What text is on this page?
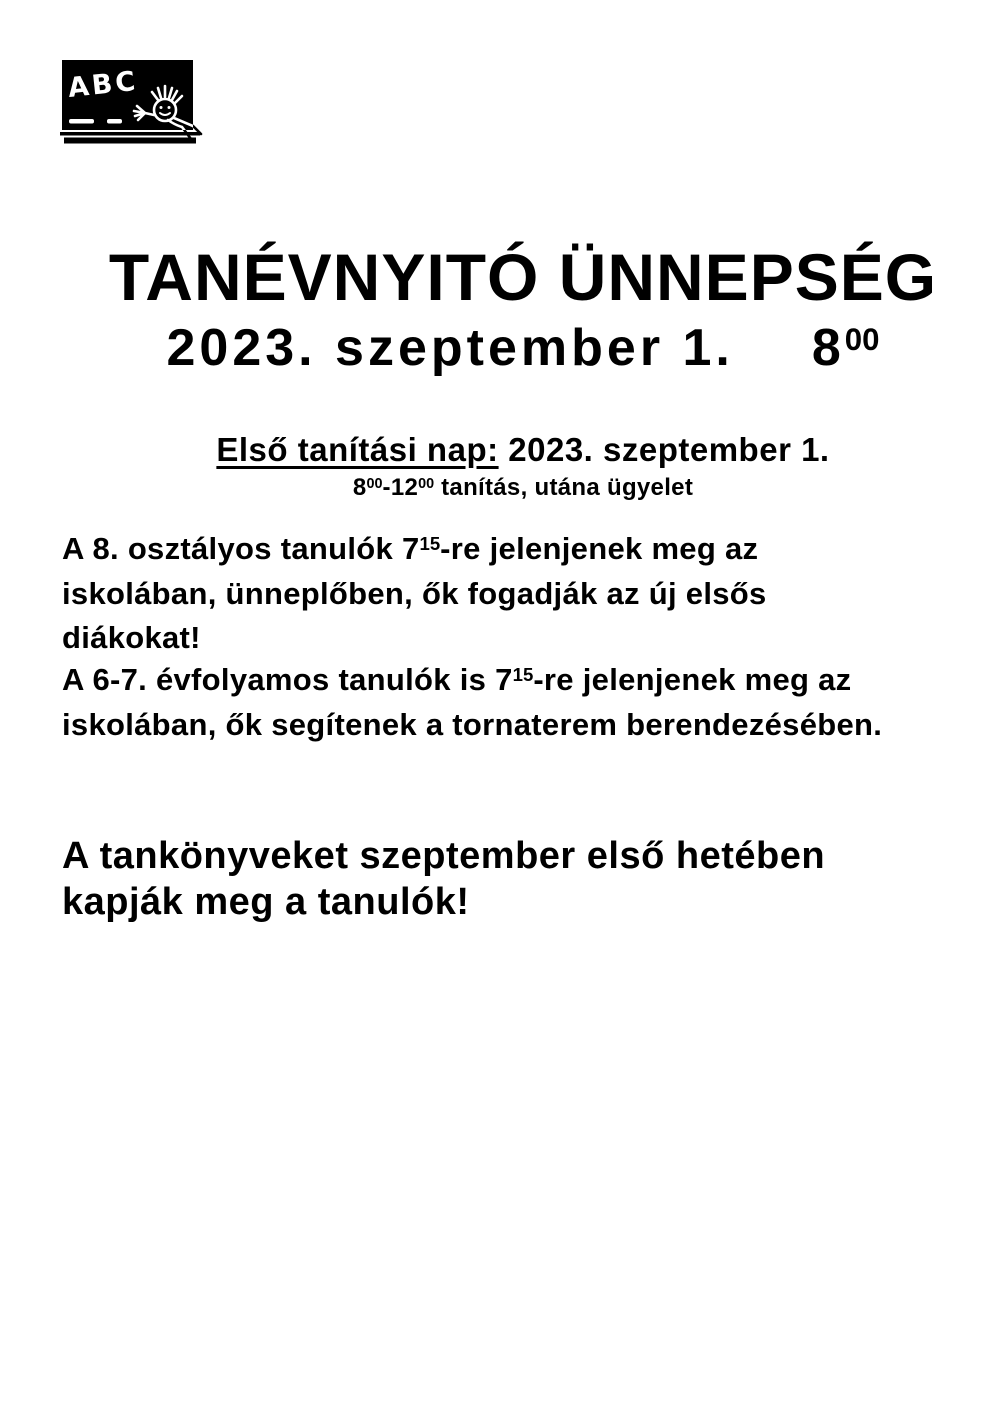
ABC
TANÉVNYITÓ ÜNNEPSÉG
2023. szeptember 1. $8^{00}$
Első tanítási nap: 2023. szeptember 1.
$8^{00}-12^{00}$ tanítás, utána ügyelet
A 8. osztályos tanulók $7^{15}-re$ jelenjenek meg az
iskolában, ünneplőben, ők fogadják az új elsős
diákokat!
A 6-7. évfolyamos tanulók is $7^{15}-re$ jelenjenek meg az
iskolában, ők segítenek a tornaterem berendezésében.
A tankönyveket szeptember első hetében
kapják meg a tanulók!
